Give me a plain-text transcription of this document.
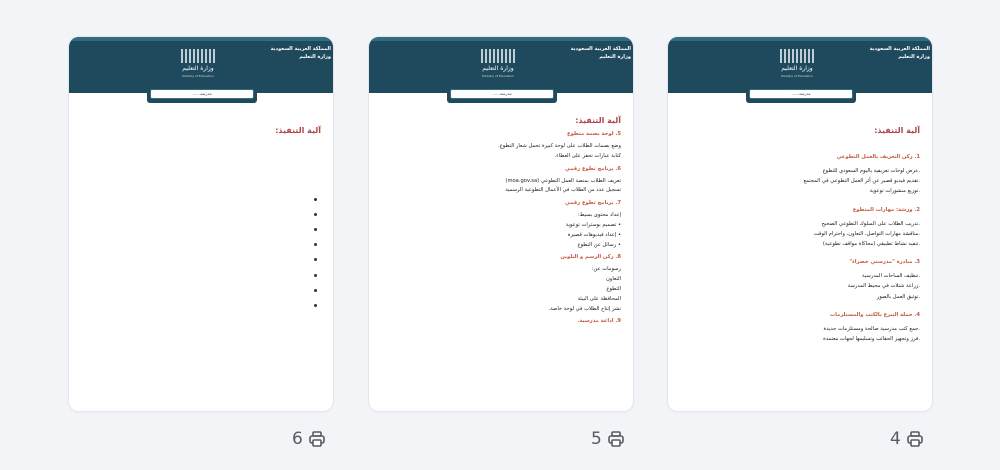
المملكة العربية السعودية
وزارة التعليم
وزارة التعليم
Ministry of Education
مدرسة......
آلية التنفيذ:
المملكة العربية السعودية
وزارة التعليم
وزارة التعليم
Ministry of Education
مدرسة......
آلية التنفيذ:
5. لوحة بصمة متطوع
وضع بصمات الطلاب على لوحة كبيرة تحمل شعار التطوع.
كتابة عبارات تحفز على العطاء.
6. برنامج تطوع رقمي
تعريف الطلاب بمنصة العمل التطوعي (moa.gov.sa)
تسجيل عدد من الطلاب في الأعمال التطوعية الرسمية
7. برنامج تطوع رقمي
إعداد محتوى بسيط:
• تصميم بوسترات توعوية
• إعداد فيديوهات قصيرة
• رسائل عن التطوع
8. ركن الرسم و التلوين
رسومات عن:
التعاون
التطوع
المحافظة على البيئة
نشر إنتاج الطلاب في لوحة خاصة.
9. اذاعة مدرسية.
المملكة العربية السعودية
وزارة التعليم
وزارة التعليم
Ministry of Education
مدرسة......
آلية التنفيذ:
1. ركن التعريف بالعمل التطوعي
.عرض لوحات تعريفية باليوم السعودي للتطوع
.تقديم فيديو قصير عن أثر العمل التطوعي في المجتمع
.توزيع منشورات توعوية
2. ورشة: مهارات المتطوع
.تدريب الطلاب على السلوك التطوعي الصحيح
.مناقشة مهارات التواصل، التعاون، واحترام الوقت
.تنفيذ نشاط تطبيقي (محاكاة مواقف تطوعية)
3. مبادرة "مدرستي خضراء"
.تنظيف الساحات المدرسية
.زراعة شتلات في محيط المدرسة
.توثيق العمل بالصور
4. حملة التبرع بالكتب والمستلزمات
.جمع كتب مدرسية صالحة ومستلزمات جديدة
.فرز وتجهيز الحقائب وتسليمها لجهات معتمدة
6	5	4
